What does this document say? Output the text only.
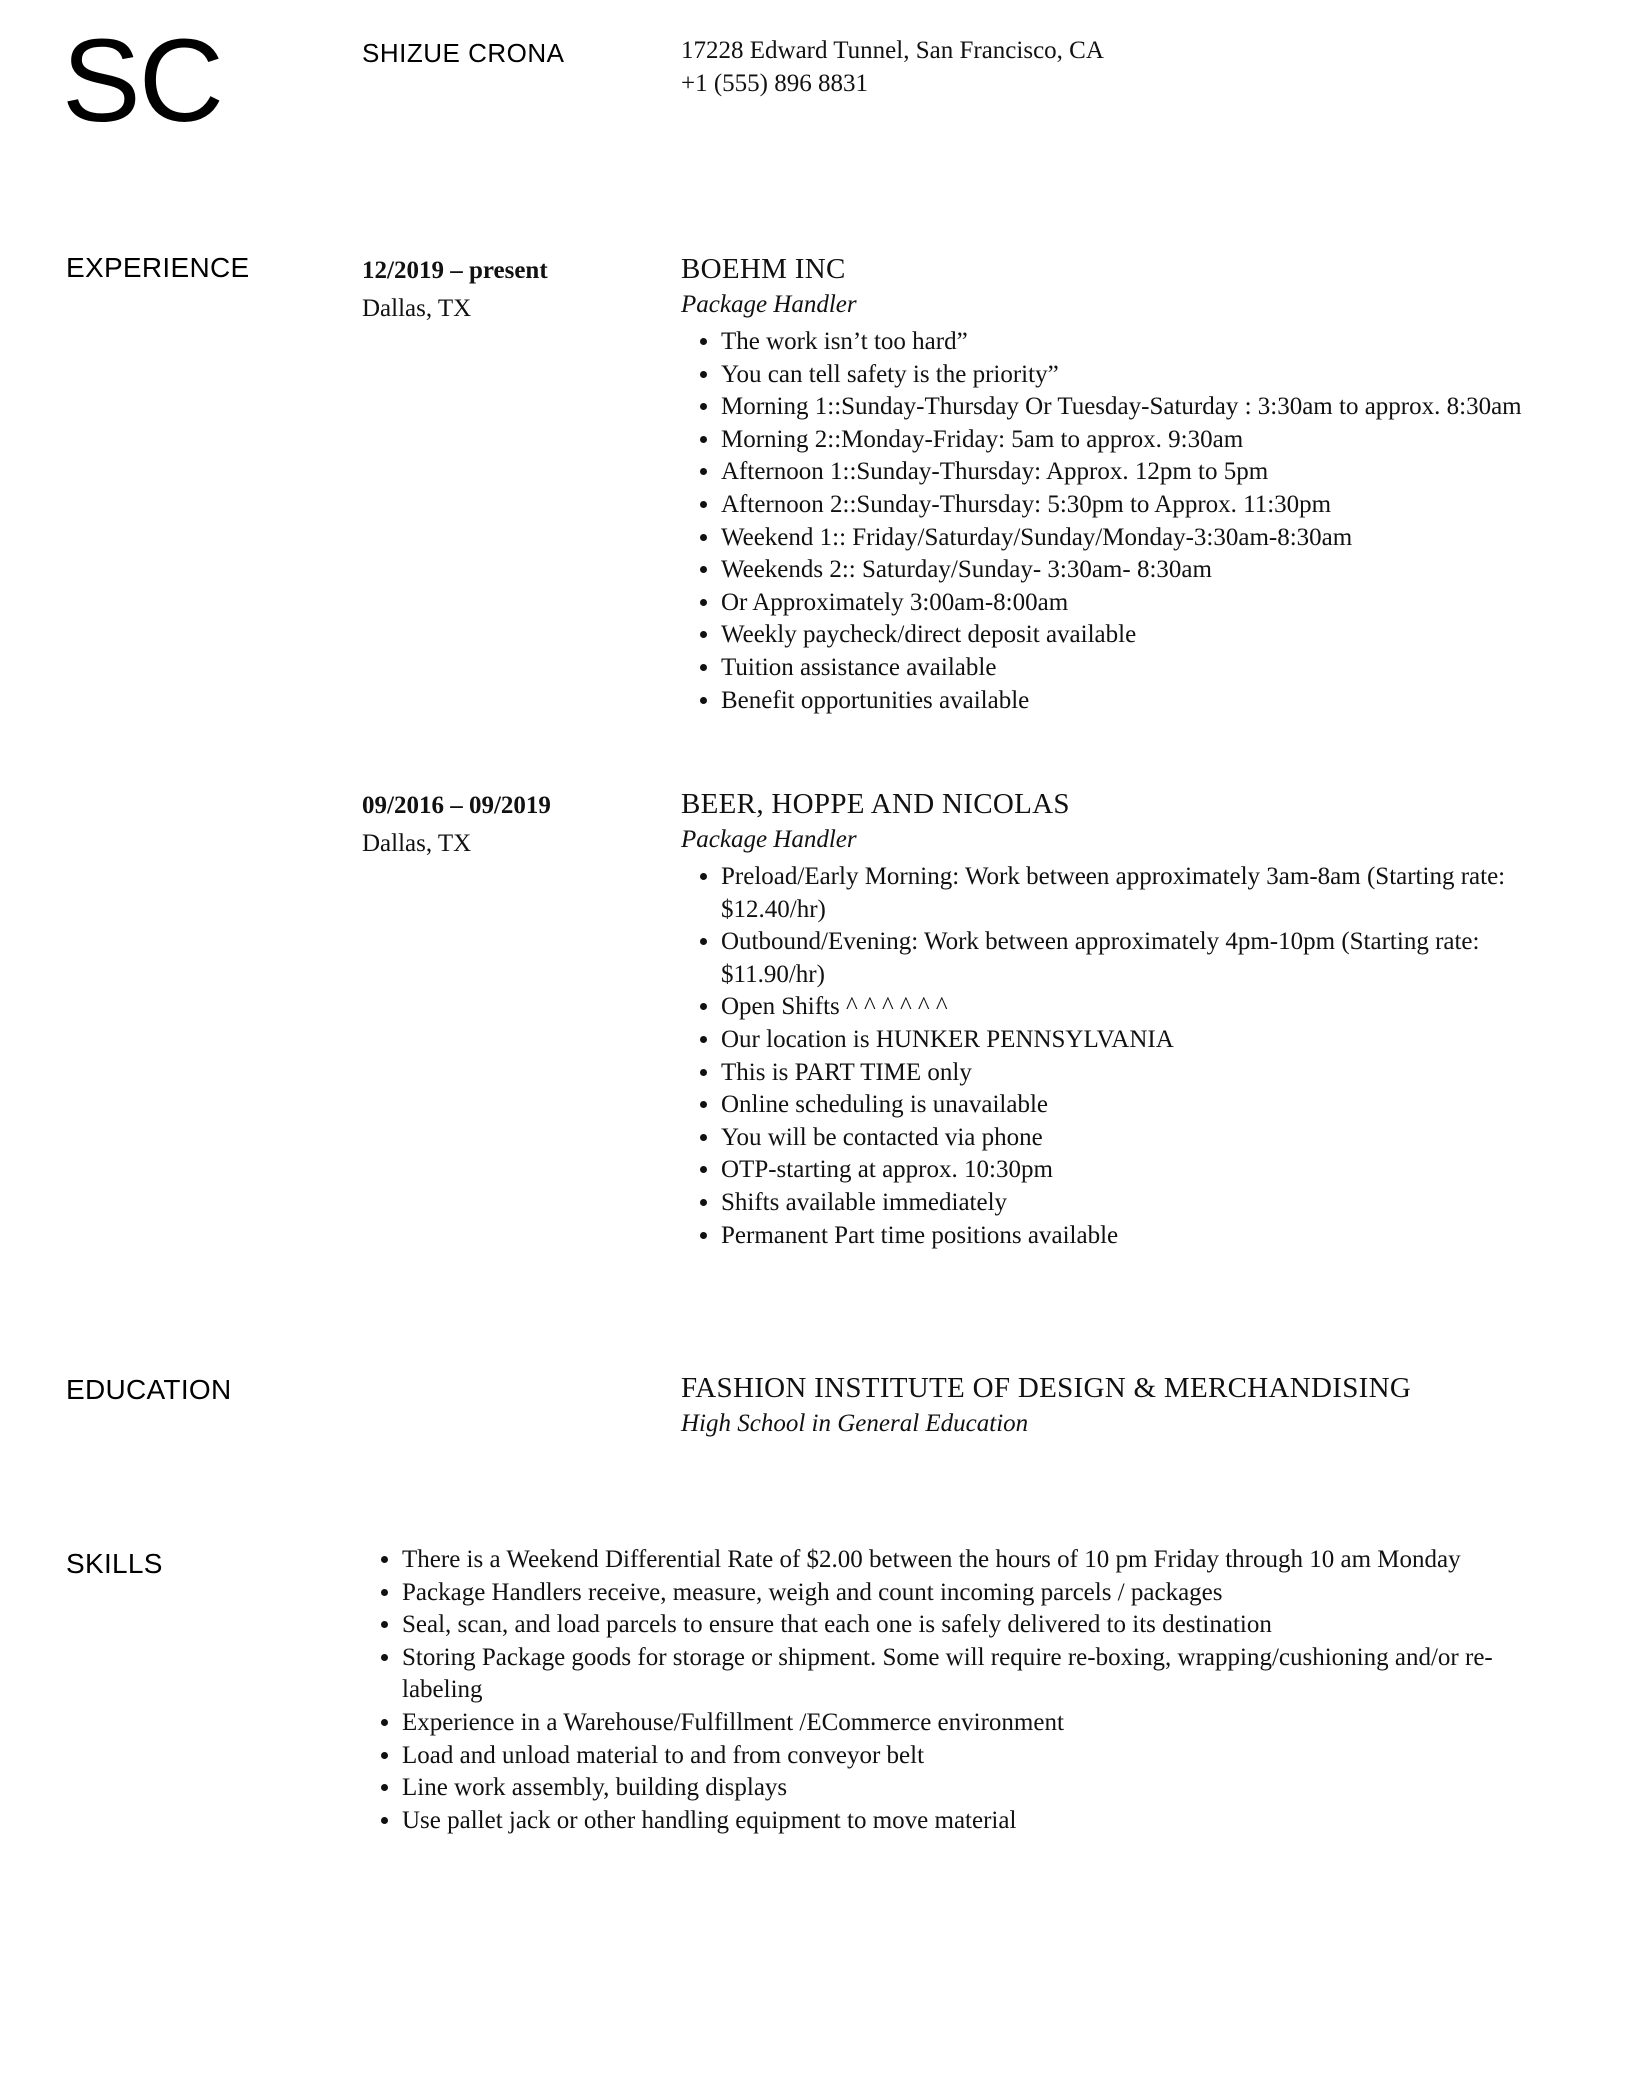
SC	SHIZUE CRONA	17228 Edward Tunnel, San Francisco, CA
+1 (555) 896 8831
EXPERIENCE	12/2019 – present
Dallas, TX
BOEHM INC
Package Handler
• The work isn’t too hard”
• You can tell safety is the priority”
• Morning 1::Sunday-Thursday Or Tuesday-Saturday : 3:30am to approx. 8:30am
• Morning 2::Monday-Friday: 5am to approx. 9:30am
• Afternoon 1::Sunday-Thursday: Approx. 12pm to 5pm
• Afternoon 2::Sunday-Thursday: 5:30pm to Approx. 11:30pm
• Weekend 1:: Friday/Saturday/Sunday/Monday-3:30am-8:30am
• Weekends 2:: Saturday/Sunday- 3:30am- 8:30am
• Or Approximately 3:00am-8:00am
• Weekly paycheck/direct deposit available
• Tuition assistance available
• Benefit opportunities available
09/2016 – 09/2019
Dallas, TX
BEER, HOPPE AND NICOLAS
Package Handler
• Preload/Early Morning: Work between approximately 3am-8am (Starting rate: $12.40/hr)
• Outbound/Evening: Work between approximately 4pm-10pm (Starting rate: $11.90/hr)
• Open Shifts ^ ^ ^ ^ ^ ^
• Our location is HUNKER PENNSYLVANIA
• This is PART TIME only
• Online scheduling is unavailable
• You will be contacted via phone
• OTP-starting at approx. 10:30pm
• Shifts available immediately
• Permanent Part time positions available
EDUCATION	FASHION INSTITUTE OF DESIGN & MERCHANDISING
High School in General Education
SKILLS
•	There is a Weekend Differential Rate of $2.00 between the hours of 10 pm Friday through 10 am Monday
• Package Handlers receive, measure, weigh and count incoming parcels / packages
• Seal, scan, and load parcels to ensure that each one is safely delivered to its destination
• Storing Package goods for storage or shipment. Some will require re-boxing, wrapping/cushioning and/or re-labeling
• Experience in a Warehouse/Fulfillment /ECommerce environment
• Load and unload material to and from conveyor belt
• Line work assembly, building displays
• Use pallet jack or other handling equipment to move material
